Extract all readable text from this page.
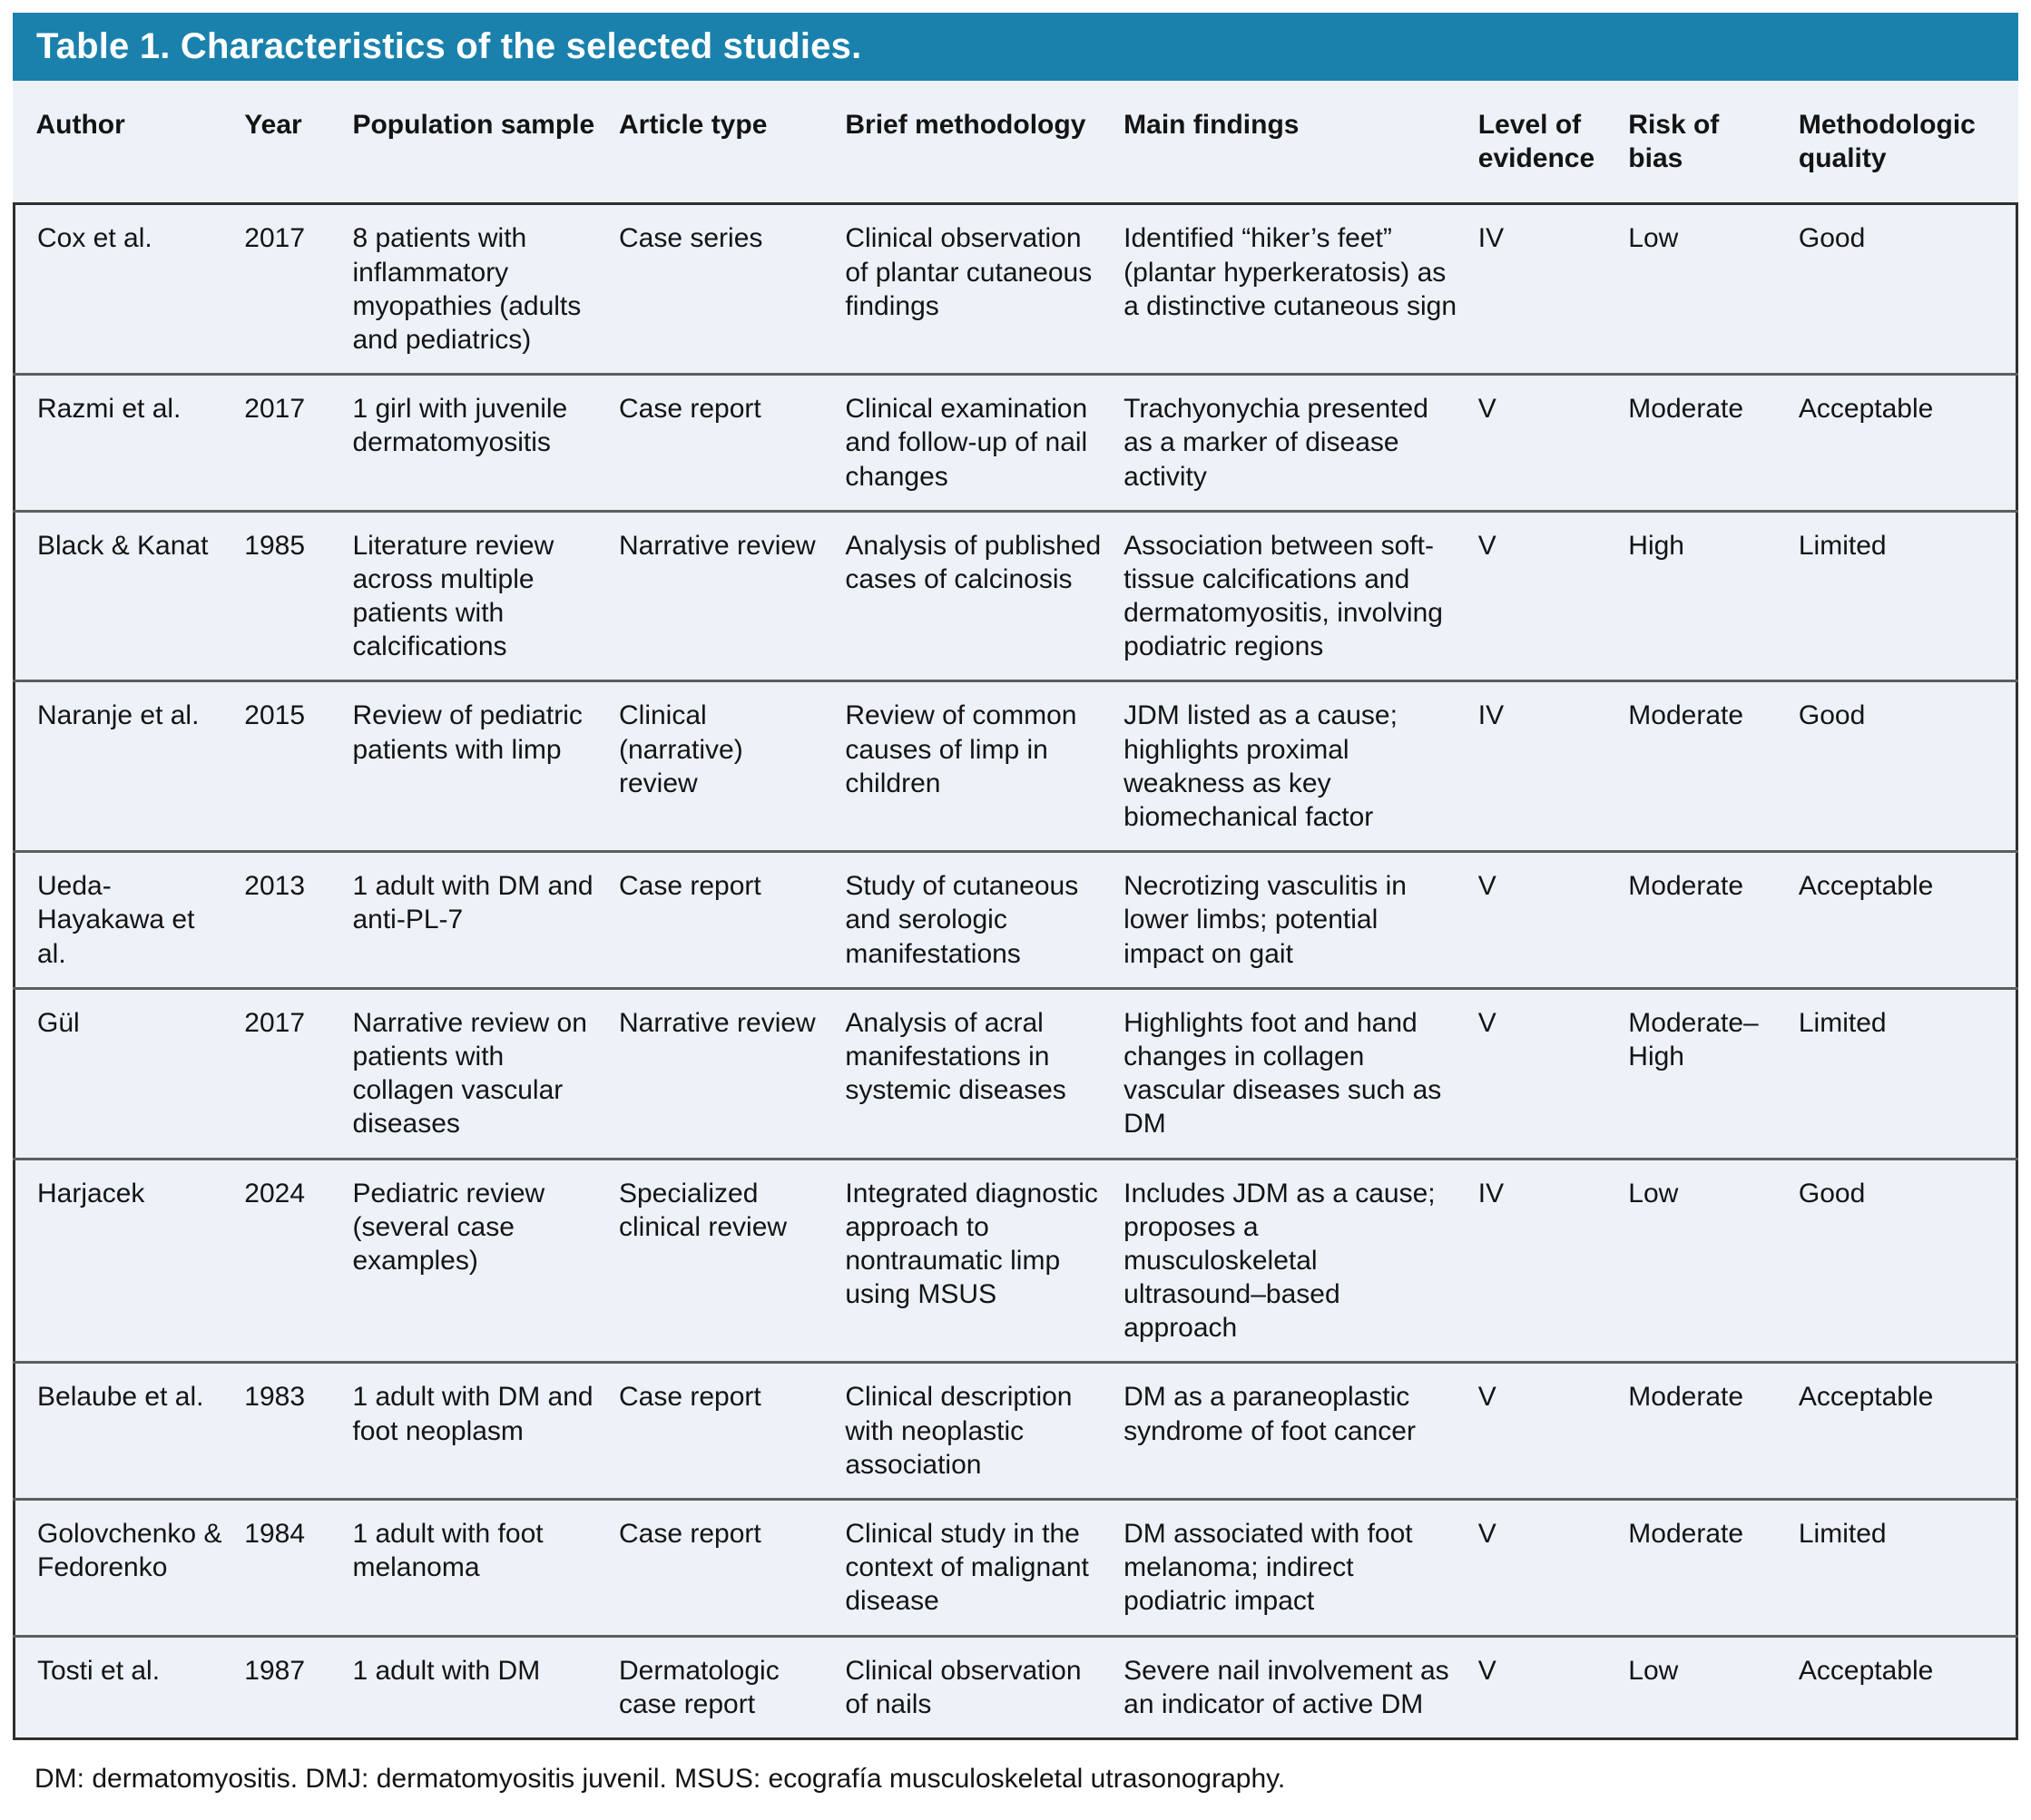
Table 1. Characteristics of the selected studies.
Author	Year	Population sample	Article type	Brief methodology	Main findings	Level of evidence	Risk of bias	Methodologic quality
Cox et al.	2017	8 patients with inflammatory myopathies (adults and pediatrics)	Case series	Clinical observation of plantar cutaneous findings	Identified “hiker’s feet” (plantar hyperkeratosis) as a distinctive cutaneous sign	IV	Low	Good
Razmi et al.	2017	1 girl with juvenile dermatomyositis	Case report	Clinical examination and follow-up of nail changes	Trachyonychia presented as a marker of disease activity	V	Moderate	Acceptable
Black & Kanat	1985	Literature review across multiple patients with calcifications	Narrative review	Analysis of published cases of calcinosis	Association between soft-tissue calcifications and dermatomyositis, involving podiatric regions	V	High	Limited
Naranje et al.	2015	Review of pediatric patients with limp	Clinical (narrative) review	Review of common causes of limp in children	JDM listed as a cause; highlights proximal weakness as key biomechanical factor	IV	Moderate	Good
Ueda-Hayakawa et al.	2013	1 adult with DM and anti-PL-7	Case report	Study of cutaneous and serologic manifestations	Necrotizing vasculitis in lower limbs; potential impact on gait	V	Moderate	Acceptable
Gül	2017	Narrative review on patients with collagen vascular diseases	Narrative review	Analysis of acral manifestations in systemic diseases	Highlights foot and hand changes in collagen vascular diseases such as DM	V	Moderate–High	Limited
Harjacek	2024	Pediatric review (several case examples)	Specialized clinical review	Integrated diagnostic approach to nontraumatic limp using MSUS	Includes JDM as a cause; proposes a musculoskeletal ultrasound–based approach	IV	Low	Good
Belaube et al.	1983	1 adult with DM and foot neoplasm	Case report	Clinical description with neoplastic association	DM as a paraneoplastic syndrome of foot cancer	V	Moderate	Acceptable
Golovchenko & Fedorenko	1984	1 adult with foot melanoma	Case report	Clinical study in the context of malignant disease	DM associated with foot melanoma; indirect podiatric impact	V	Moderate	Limited
Tosti et al.	1987	1 adult with DM	Dermatologic case report	Clinical observation of nails	Severe nail involvement as an indicator of active DM	V	Low	Acceptable
DM: dermatomyositis. DMJ: dermatomyositis juvenil. MSUS: ecografía musculoskeletal utrasonography.
